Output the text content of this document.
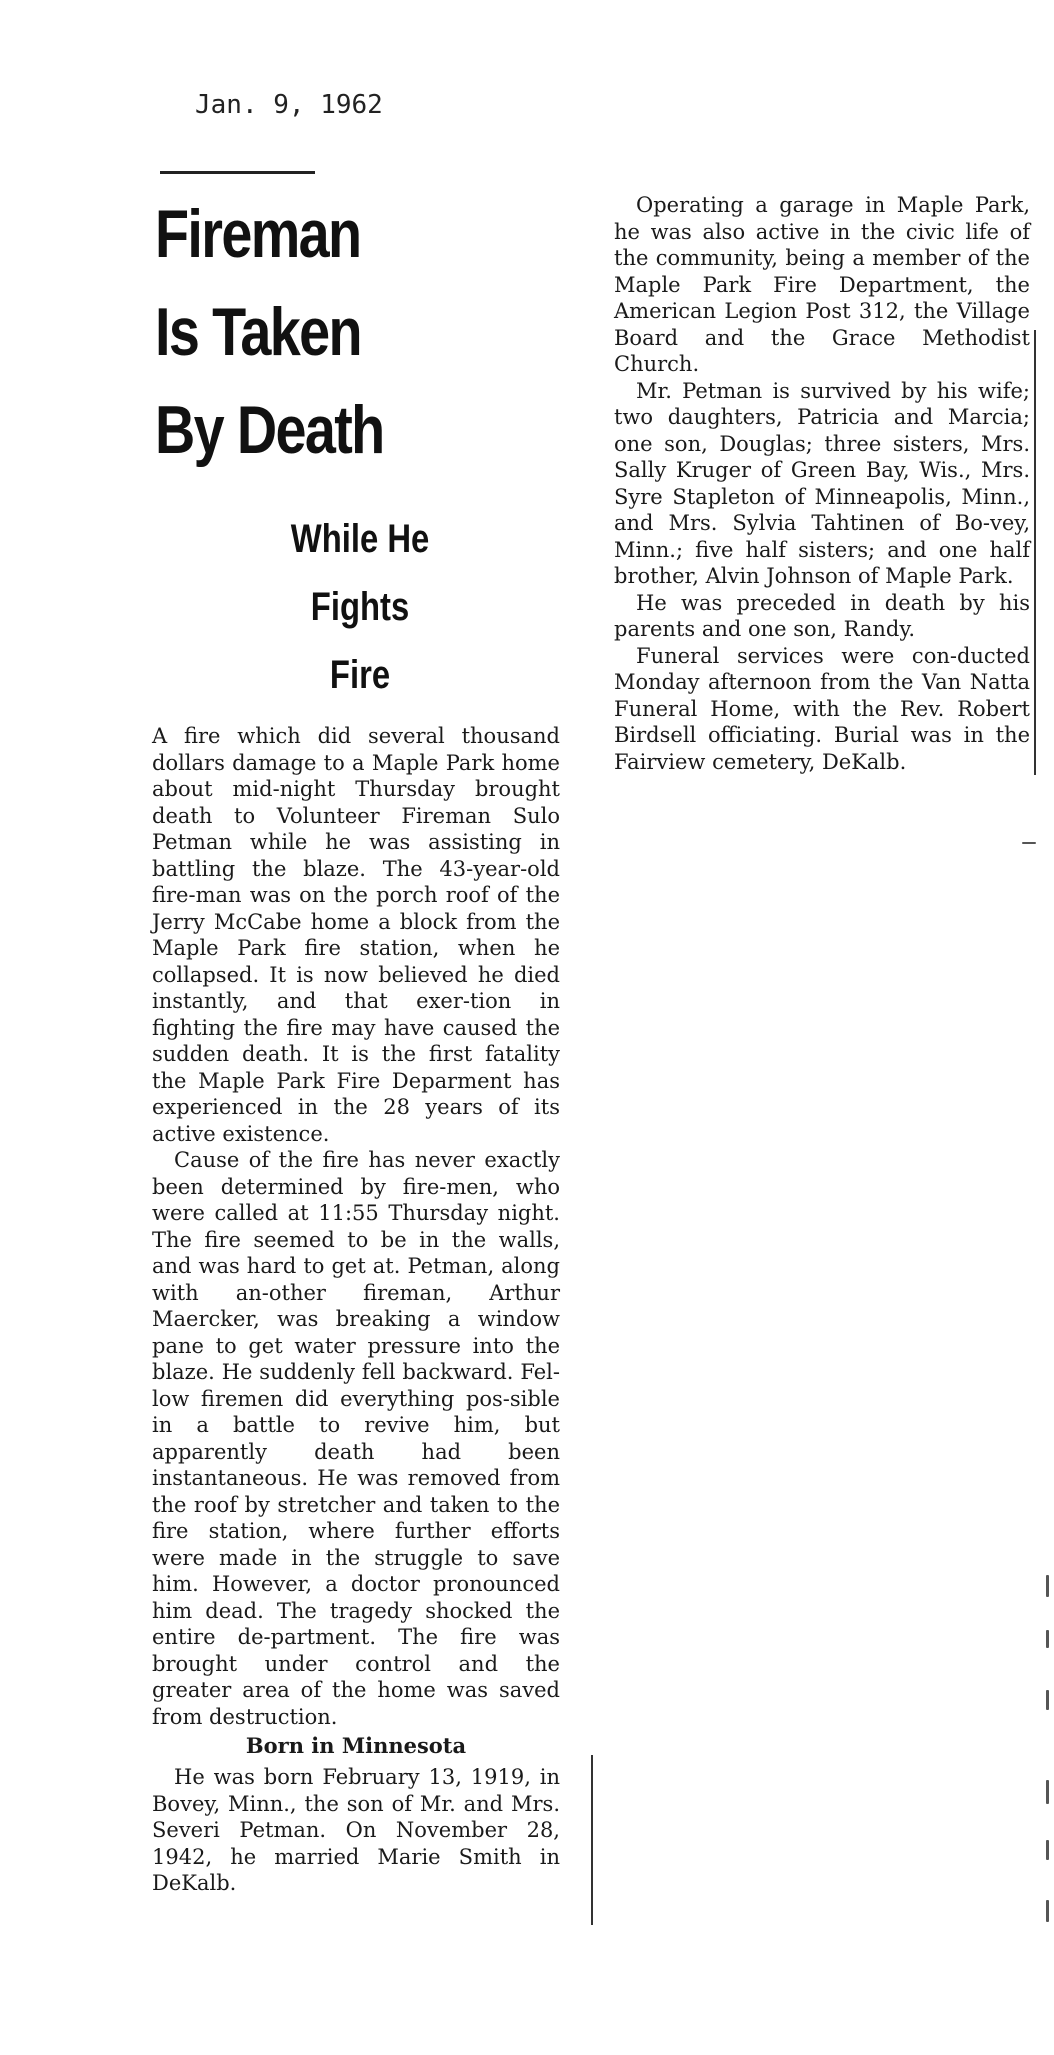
Jan. 9, 1962
Fireman
Is Taken
By Death
While He
Fights
Fire

A fire which did several thousand dollars damage to a Maple Park home about mid-night Thursday brought death to Volunteer Fireman Sulo Petman while he was assisting in battling the blaze. The 43-year-old fire-man was on the porch roof of the Jerry McCabe home a block from the Maple Park fire station, when he collapsed. It is now believed he died instantly, and that exer-tion in fighting the fire may have caused the sudden death. It is the first fatality the Maple Park Fire Deparment has experienced in the 28 years of its active existence.

Cause of the fire has never exactly been determined by fire-men, who were called at 11:55 Thursday night. The fire seemed to be in the walls, and was hard to get at. Petman, along with an-other fireman, Arthur Maercker, was breaking a window pane to get water pressure into the blaze. He suddenly fell backward. Fel-low firemen did everything pos-sible in a battle to revive him, but apparently death had been instantaneous. He was removed from the roof by stretcher and taken to the fire station, where further efforts were made in the struggle to save him. However, a doctor pronounced him dead. The tragedy shocked the entire de-partment. The fire was brought under control and the greater area of the home was saved from destruction.

Born in Minnesota

He was born February 13, 1919, in Bovey, Minn., the son of Mr. and Mrs. Severi Petman. On November 28, 1942, he married Marie Smith in DeKalb.

Operating a garage in Maple Park, he was also active in the civic life of the community, being a member of the Maple Park Fire Department, the American Legion Post 312, the Village Board and the Grace Methodist Church.

Mr. Petman is survived by his wife; two daughters, Patricia and Marcia; one son, Douglas; three sisters, Mrs. Sally Kruger of Green Bay, Wis., Mrs. Syre Stapleton of Minneapolis, Minn., and Mrs. Sylvia Tahtinen of Bo-vey, Minn.; five half sisters; and one half brother, Alvin Johnson of Maple Park.

He was preceded in death by his parents and one son, Randy.

Funeral services were con-ducted Monday afternoon from the Van Natta Funeral Home, with the Rev. Robert Birdsell officiating. Burial was in the Fairview cemetery, DeKalb.
